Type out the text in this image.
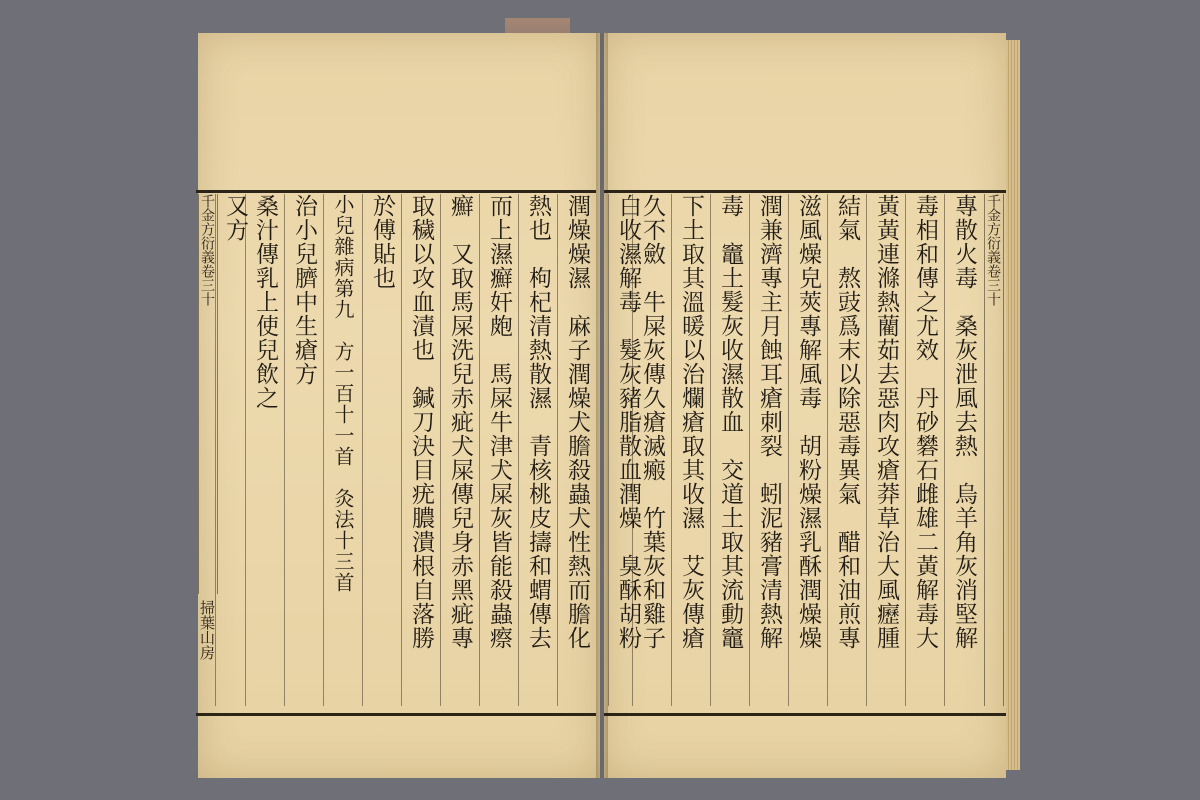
專散火毒　桑灰泄風去熱　烏羊角灰消堅解
毒相和傳之尤效　丹砂礬石雌雄二黃解毒大
黃黃連滌熱藺茹去惡肉攻瘡莽草治大風癧腫
結氣　熬豉爲末以除惡毒異氣　醋和油煎專
滋風燥皃莢專解風毒　胡粉燥濕乳酥潤燥燥
潤兼濟專主月蝕耳瘡刺裂　蚓泥豬膏清熱解
毒　竈土髮灰收濕散血　交道土取其流動竈
下土取其溫暖以治爛瘡取其收濕　艾灰傳瘡
久不斂　牛屎灰傳久瘡滅瘢　竹葉灰和雞子
白收濕解毒　髮灰豬脂散血潤燥　臭酥胡粉	千金方衍義卷三十
潤燥燥濕　麻子潤燥犬膽殺蟲犬性熱而膽化
熱也　枸杞清熱散濕　青核桃皮擣和蝟傳去
而上濕癬奸皰　馬屎牛津犬屎灰皆能殺蟲瘵
癬　又取馬屎洗兒赤疵犬屎傳兒身赤黑疵專
取穢以攻血漬也　鍼刀決目疣膿潰根自落勝
於傅貼也
小兒雜病第九　方一百十一首　灸法十三首
治小兒臍中生瘡方
桑汁傳乳上使兒飲之
又方
千金方衍義卷三十
掃葉山房
